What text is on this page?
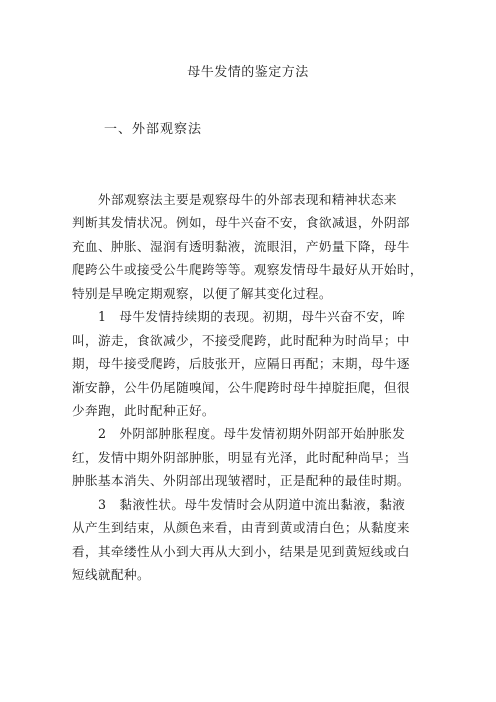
母牛发情的鉴定方法
一、外部观察法
外部观察法主要是观察母牛的外部表现和精神状态来
判断其发情状况。例如，母牛兴奋不安，食欲减退，外阴部
充血、肿胀、湿润有透明黏液，流眼泪，产奶量下降，母牛
爬跨公牛或接受公牛爬跨等等。观察发情母牛最好从开始时，
特别是早晚定期观察，以便了解其变化过程。
1　母牛发情持续期的表现。初期，母牛兴奋不安，哞
叫，游走，食欲减少，不接受爬跨，此时配种为时尚早；中
期，母牛接受爬跨，后肢张开，应隔日再配；末期，母牛逐
渐安静，公牛仍尾随嗅闻，公牛爬跨时母牛掉腚拒爬，但很
少奔跑，此时配种正好。
2　外阴部肿胀程度。母牛发情初期外阴部开始肿胀发
红，发情中期外阴部肿胀，明显有光泽，此时配种尚早；当
肿胀基本消失、外阴部出现皱褶时，正是配种的最佳时期。
3　黏液性状。母牛发情时会从阴道中流出黏液，黏液
从产生到结束，从颜色来看，由青到黄或清白色；从黏度来
看，其牵缕性从小到大再从大到小，结果是见到黄短线或白
短线就配种。
